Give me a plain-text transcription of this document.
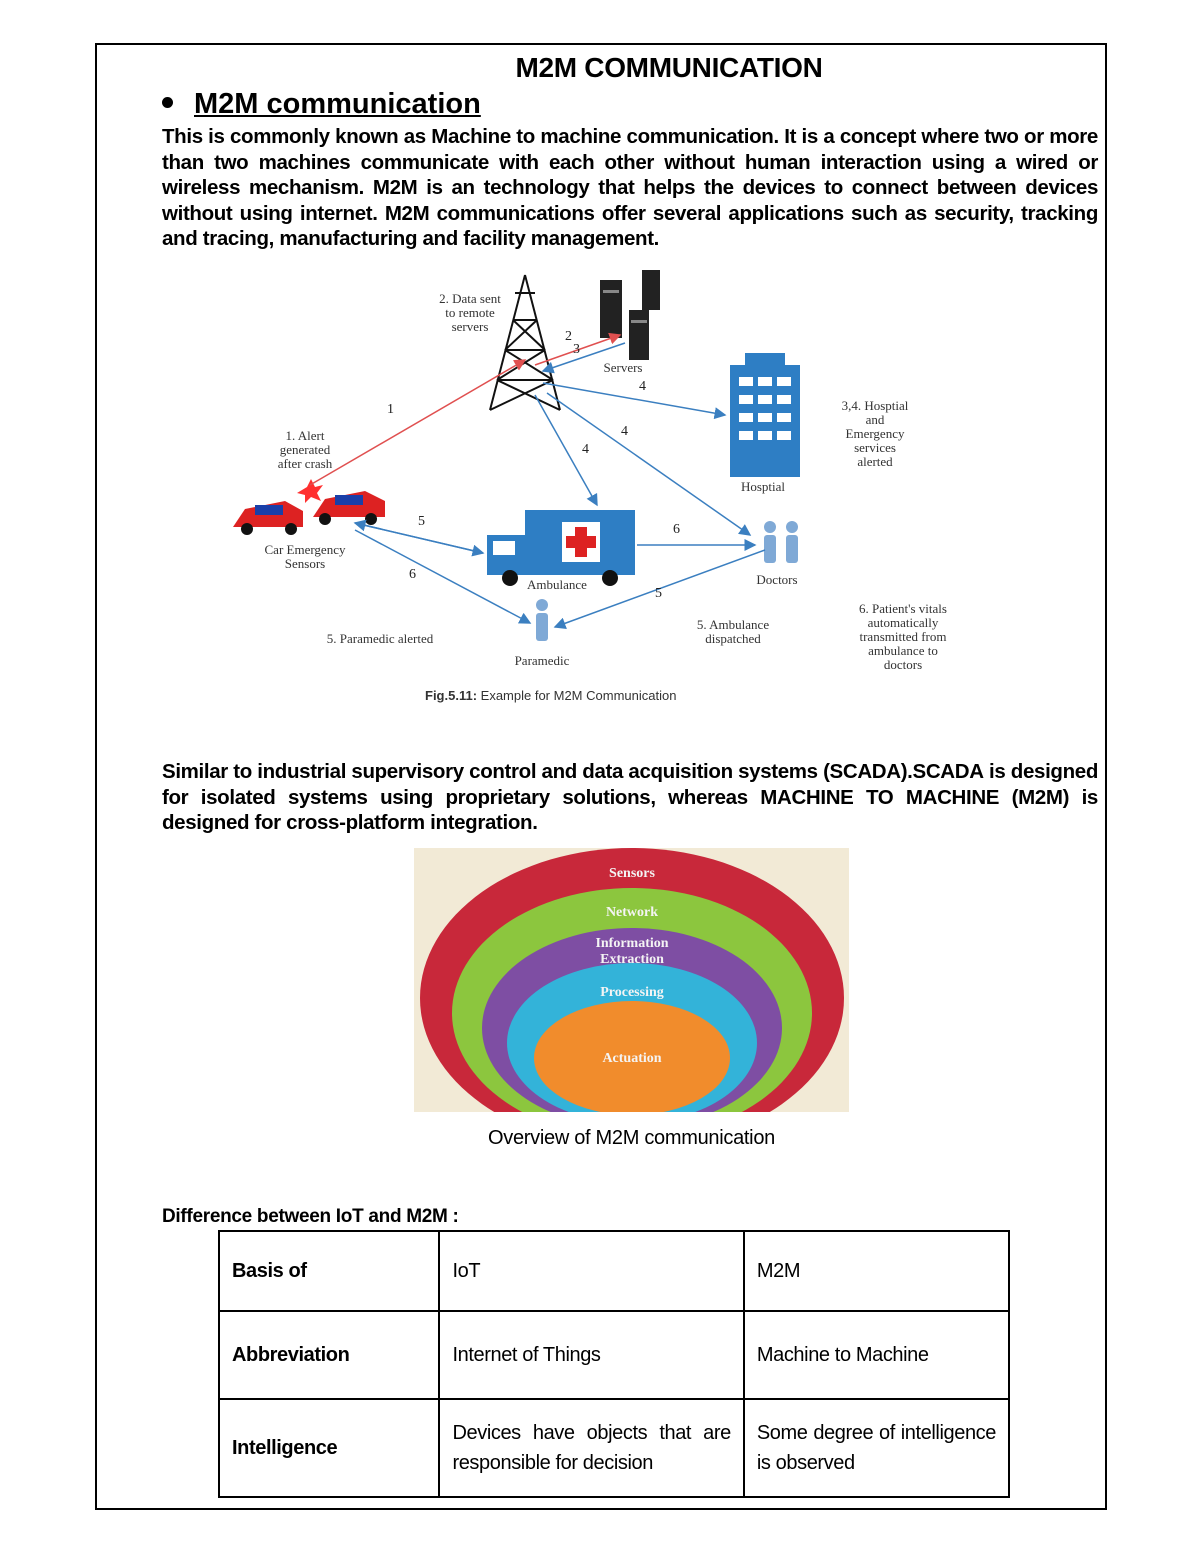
M2M COMMUNICATION
M2M communication
This is commonly known as Machine to machine communication. It is a concept where two or more than two machines communicate with each other without human interaction using a wired or wireless mechanism. M2M is an technology that helps the devices to connect between devices without using internet. M2M communications offer several applications such as security, tracking and tracing, manufacturing and facility management.
1
2
3
4
4
4
5
5
6
6
2. Data sent
to remote
servers
Servers
Hosptial
3,4. Hosptial
and
Emergency
services
alerted
1. Alert
generated
after crash
Car Emergency
Sensors
Ambulance	Doctors
5. Paramedic alerted
Paramedic
5. Ambulance
dispatched
6. Patient's vitals
automatically
transmitted from
ambulance to
doctors
Fig.5.11: Example for M2M Communication
Similar to industrial supervisory control and data acquisition systems (SCADA).SCADA is designed for isolated systems using proprietary solutions, whereas MACHINE TO MACHINE (M2M) is designed for cross-platform integration.
Sensors
Network
Information
Extraction
Processing
Actuation
Overview of M2M communication
Difference between IoT and M2M :
Basis of	IoT	M2M
Abbreviation	Internet of Things	Machine to Machine
Intelligence	Devices have objects that are responsible for decision	Some degree of intelligence is observed
